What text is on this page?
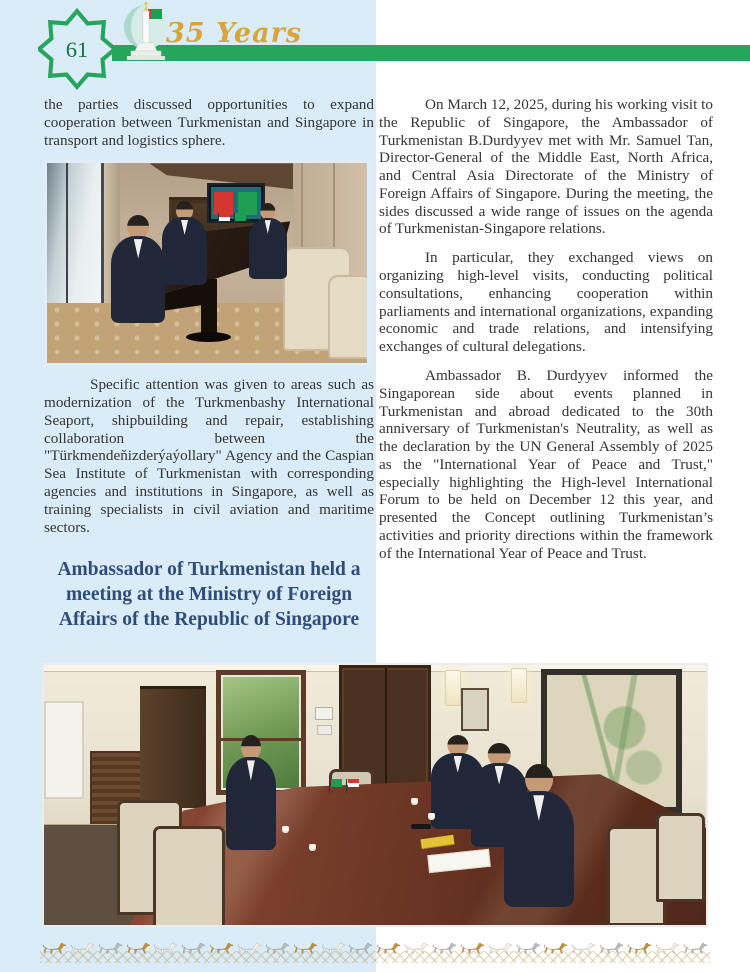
61
35 Years

the parties discussed opportunities to expand cooperation between Turkmenistan and Singapore in transport and logistics sphere.

Specific attention was given to areas such as modernization of the Turkmenbashy International Seaport, shipbuilding and repair, establishing collaboration between the "Türkmendeňizderýaýollary" Agency and the Caspian Sea Institute of Turkmenistan with corresponding agencies and institutions in Singapore, as well as training specialists in civil aviation and maritime sectors.

Ambassador of Turkmenistan held a meeting at the Ministry of Foreign Affairs of the Republic of Singapore

On March 12, 2025, during his working visit to the Republic of Singapore, the Ambassador of Turkmenistan B.Durdyyev met with Mr. Samuel Tan, Director-General of the Middle East, North Africa, and Central Asia Directorate of the Ministry of Foreign Affairs of Singapore. During the meeting, the sides discussed a wide range of issues on the agenda of Turkmenistan-Singapore relations.

In particular, they exchanged views on organizing high-level visits, conducting political consultations, enhancing cooperation within parliaments and international organizations, expanding economic and trade relations, and intensifying exchanges of cultural delegations.

Ambassador B. Durdyyev informed the Singaporean side about events planned in Turkmenistan and abroad dedicated to the 30th anniversary of Turkmenistan's Neutrality, as well as the declaration by the UN General Assembly of 2025 as the "International Year of Peace and Trust," especially highlighting the High-level International Forum to be held on December 12 this year, and presented the Concept outlining Turkmenistan’s activities and priority directions within the framework of the International Year of Peace and Trust.
